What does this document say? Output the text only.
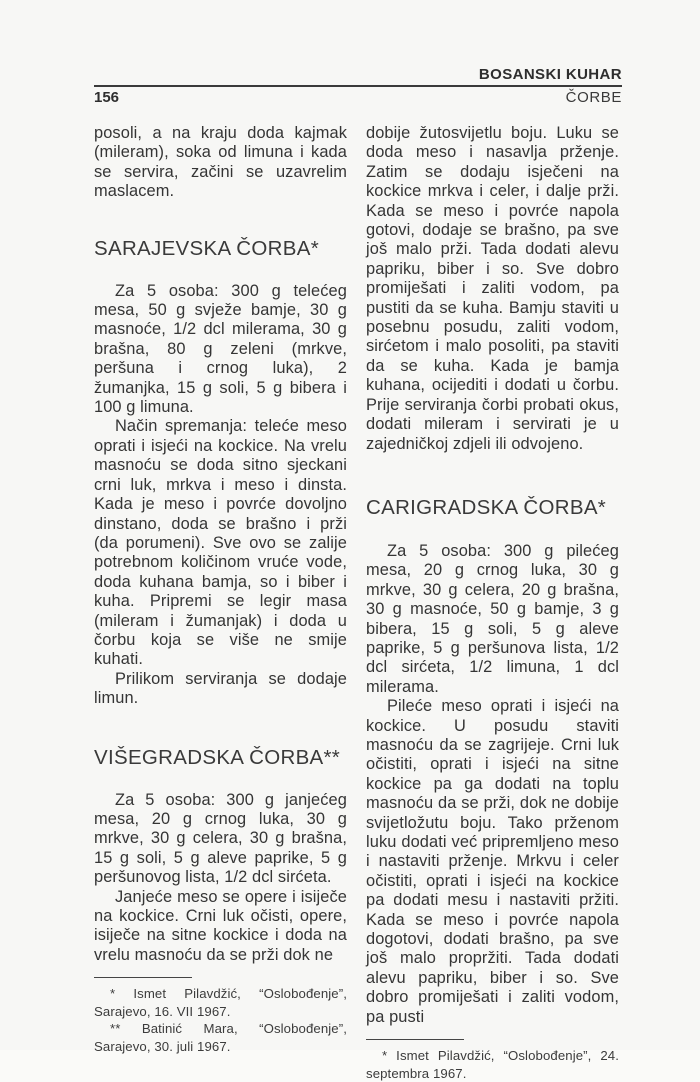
BOSANSKI KUHAR
156	ČORBE

posoli, a na kraju doda kajmak (mileram), soka od limuna i kada se servira, začini se uzavrelim maslacem.

SARAJEVSKA ČORBA*

Za 5 osoba: 300 g telećeg mesa, 50 g svježe bamje, 30 g masnoće, 1/2 dcl milerama, 30 g brašna, 80 g zeleni (mrkve, peršuna i crnog luka), 2 žumanjka, 15 g soli, 5 g bibera i 100 g limuna.

Način spremanja: teleće meso oprati i isjeći na kockice. Na vrelu masnoću se doda sitno sjeckani crni luk, mrkva i meso i dinsta. Kada je meso i povrće dovoljno dinstano, doda se brašno i prži (da porumeni). Sve ovo se zalije potrebnom količinom vruće vode, doda kuhana bamja, so i biber i kuha. Pripremi se legir masa (mileram i žumanjak) i doda u čorbu koja se više ne smije kuhati.

Prilikom serviranja se dodaje limun.

VIŠEGRADSKA ČORBA**

Za 5 osoba: 300 g janjećeg mesa, 20 g crnog luka, 30 g mrkve, 30 g celera, 30 g brašna, 15 g soli, 5 g aleve paprike, 5 g peršunovog lista, 1/2 dcl sirćeta.

Janjeće meso se opere i isiječe na kockice. Crni luk očisti, opere, isiječe na sitne kockice i doda na vrelu masnoću da se prži dok ne

* Ismet Pilavdžić, “Oslobođenje”, Sarajevo, 16. VII 1967.

** Batinić Mara, “Oslobođenje”, Sarajevo, 30. juli 1967.

dobije žutosvijetlu boju. Luku se doda meso i nasavlja prženje. Zatim se dodaju isječeni na kockice mrkva i celer, i dalje prži. Kada se meso i povrće napola gotovi, dodaje se brašno, pa sve još malo prži. Tada dodati alevu papriku, biber i so. Sve dobro promiješati i zaliti vodom, pa pustiti da se kuha. Bamju staviti u posebnu posudu, zaliti vodom, sirćetom i malo posoliti, pa staviti da se kuha. Kada je bamja kuhana, ocijediti i dodati u čorbu. Prije serviranja čorbi probati okus, dodati mileram i servirati je u zajedničkoj zdjeli ili odvojeno.

CARIGRADSKA ČORBA*

Za 5 osoba: 300 g pilećeg mesa, 20 g crnog luka, 30 g mrkve, 30 g celera, 20 g brašna, 30 g masnoće, 50 g bamje, 3 g bibera, 15 g soli, 5 g aleve paprike, 5 g peršunova lista, 1/2 dcl sirćeta, 1/2 limuna, 1 dcl milerama.

Pileće meso oprati i isjeći na kockice. U posudu staviti masnoću da se zagrijeje. Crni luk očistiti, oprati i isjeći na sitne kockice pa ga dodati na toplu masnoću da se prži, dok ne dobije svijetložutu boju. Tako prženom luku dodati već pripremljeno meso i nastaviti prženje. Mrkvu i celer očistiti, oprati i isjeći na kockice pa dodati mesu i nastaviti pržiti. Kada se meso i povrće napola dogotovi, dodati brašno, pa sve još malo propržiti. Tada dodati alevu papriku, biber i so. Sve dobro promiješati i zaliti vodom, pa pusti

* Ismet Pilavdžić, “Oslobođenje”, 24. septembra 1967.
